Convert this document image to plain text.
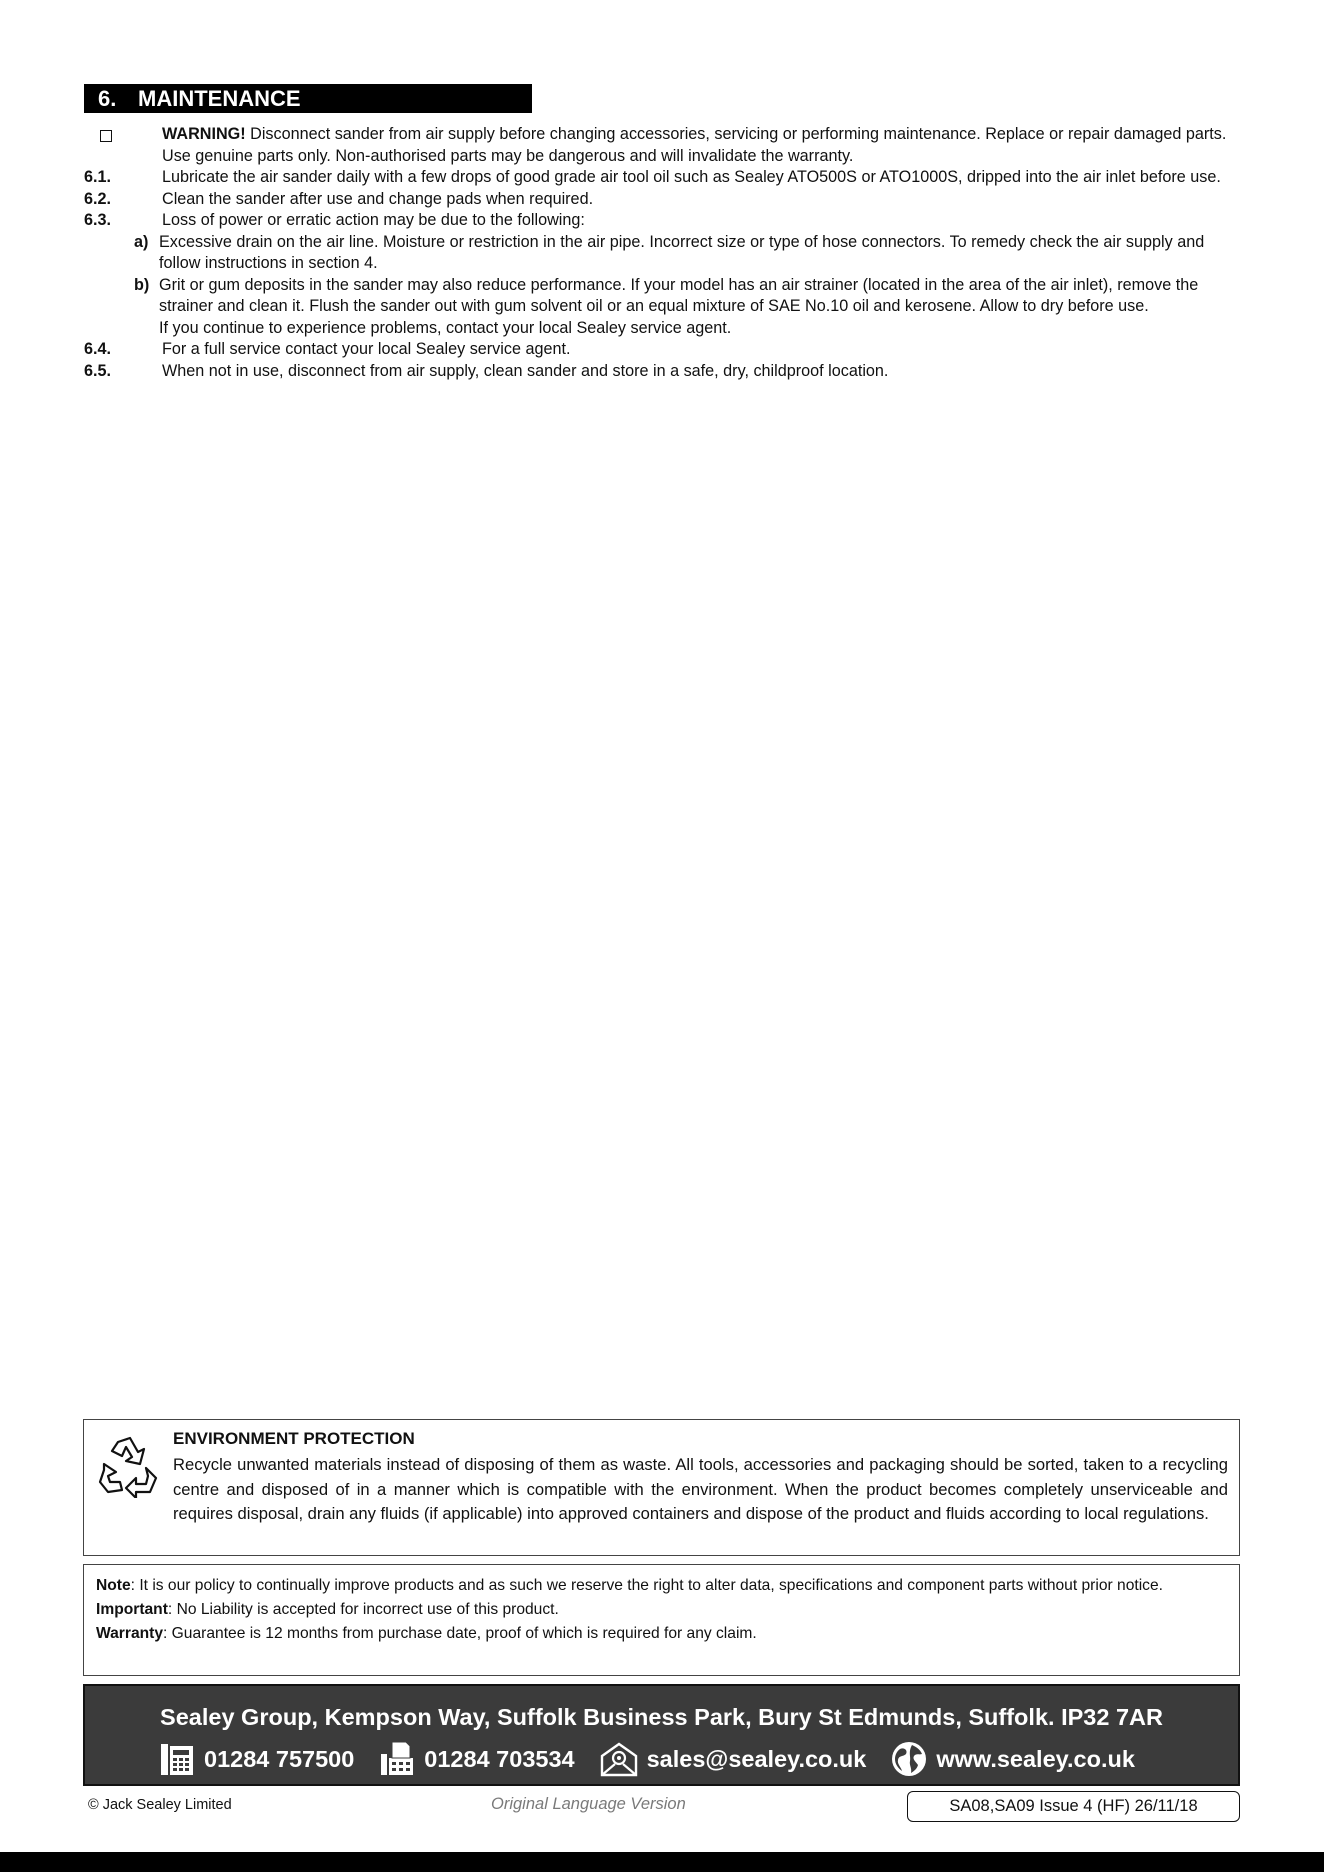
6. MAINTENANCE
WARNING! Disconnect sander from air supply before changing accessories, servicing or performing maintenance. Replace or repair damaged parts. Use genuine parts only. Non-authorised parts may be dangerous and will invalidate the warranty.
6.1.	Lubricate the air sander daily with a few drops of good grade air tool oil such as Sealey ATO500S or ATO1000S, dripped into the air inlet before use.
6.2.	Clean the sander after use and change pads when required.
6.3.	Loss of power or erratic action may be due to the following:
a) Excessive drain on the air line. Moisture or restriction in the air pipe. Incorrect size or type of hose connectors. To remedy check the air supply and follow instructions in section 4.
b) Grit or gum deposits in the sander may also reduce performance. If your model has an air strainer (located in the area of the air inlet), remove the strainer and clean it. Flush the sander out with gum solvent oil or an equal mixture of SAE No.10 oil and kerosene. Allow to dry before use.
If you continue to experience problems, contact your local Sealey service agent.
6.4.	For a full service contact your local Sealey service agent.
6.5.	When not in use, disconnect from air supply, clean sander and store in a safe, dry, childproof location.
ENVIRONMENT PROTECTION
Recycle unwanted materials instead of disposing of them as waste. All tools, accessories and packaging should be sorted, taken to a recycling centre and disposed of in a manner which is compatible with the environment. When the product becomes completely unserviceable and requires disposal, drain any fluids (if applicable) into approved containers and dispose of the product and fluids according to local regulations.

Note: It is our policy to continually improve products and as such we reserve the right to alter data, specifications and component parts without prior notice.

Important: No Liability is accepted for incorrect use of this product.

Warranty: Guarantee is 12 months from purchase date, proof of which is required for any claim.

Sealey Group, Kempson Way, Suffolk Business Park, Bury St Edmunds, Suffolk. IP32 7AR
01284 757500	01284 703534	sales@sealey.co.uk	www.sealey.co.uk
© Jack Sealey Limited	Original Language Version	SA08,SA09 Issue 4 (HF) 26/11/18
